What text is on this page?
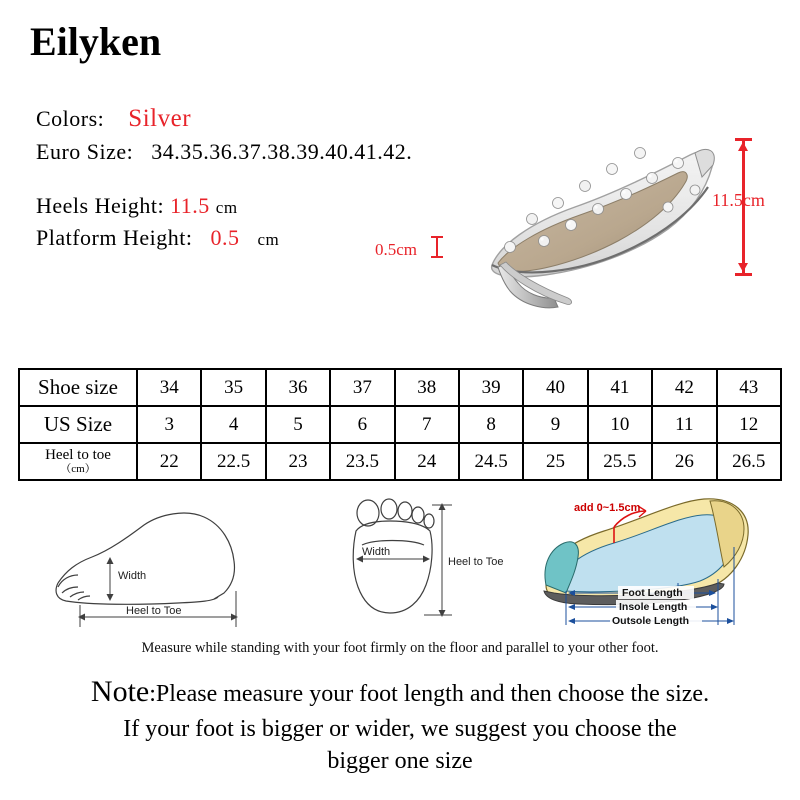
Eilyken
Colors: Silver
Euro Size: 34.35.36.37.38.39.40.41.42.
Heels Height: 11.5 cm
Platform Height: 0.5 cm
0.5cm
11.5cm
Shoe size	34	35	36	37	38	39	40	41	42	43
US Size	3	4	5	6	7	8	9	10	11	12
Heel to toe
（cm）	22	22.5	23	23.5	24	24.5	25	25.5	26	26.5
Width
Heel to Toe
Width
Heel to Toe
add 0~1.5cm
Foot Length
Insole Length
Outsole Length
Measure while standing with your foot firmly on the floor and parallel to your other foot.
Note:Please measure your foot length and then choose the size.
If your foot is bigger or wider, we suggest you choose the
bigger one size
